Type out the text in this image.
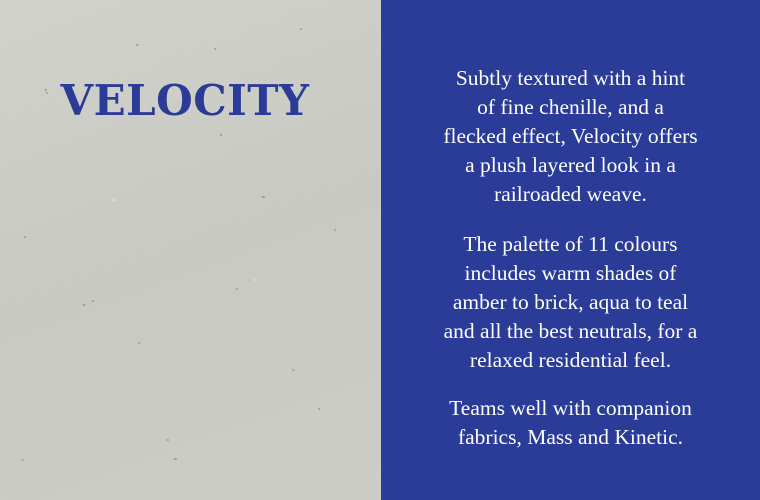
VELOCITY	Subtly textured with a hint
of fine chenille, and a
flecked effect, Velocity offers
a plush layered look in a
railroaded weave.

The palette of 11 colours
includes warm shades of
amber to brick, aqua to teal
and all the best neutrals, for a
relaxed residential feel.

Teams well with companion
fabrics, Mass and Kinetic.
